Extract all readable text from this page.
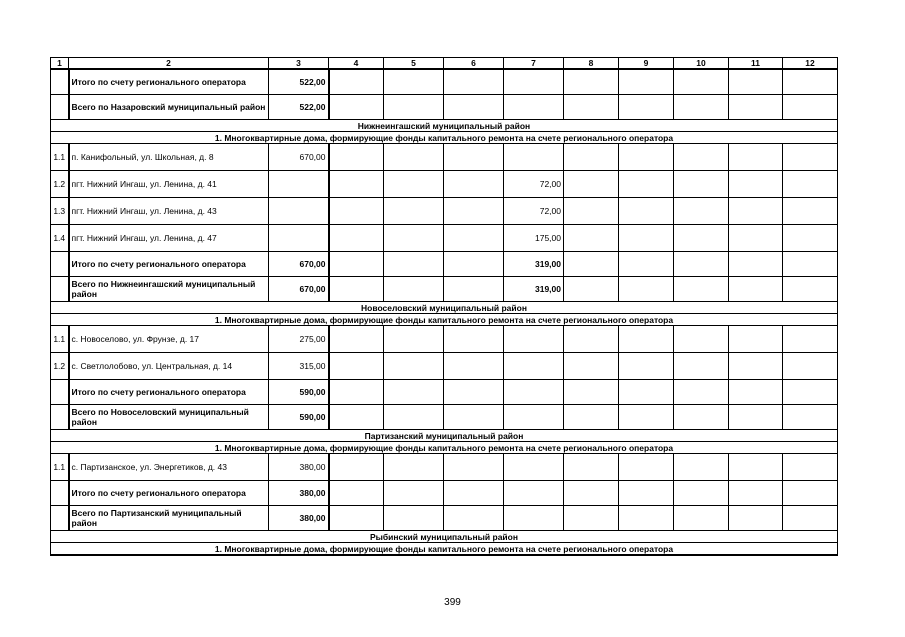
1	2	3	4	5	6	7	8	9	10	11	12
	Итого по счету регионального оператора	522,00									
	Всего по Назаровский муниципальный район	522,00									
Нижнеингашский муниципальный район											
1. Многоквартирные дома, формирующие фонды капитального ремонта на счете регионального оператора											
1.1	п. Канифольный, ул. Школьная, д. 8	670,00									
1.2	пгт. Нижний Ингаш, ул. Ленина, д. 41					72,00					
1.3	пгт. Нижний Ингаш, ул. Ленина, д. 43					72,00					
1.4	пгт. Нижний Ингаш, ул. Ленина, д. 47					175,00					
	Итого по счету регионального оператора	670,00				319,00					
	Всего по Нижнеингашский муниципальный район	670,00				319,00					
Новоселовский муниципальный район											
1. Многоквартирные дома, формирующие фонды капитального ремонта на счете регионального оператора											
1.1	с. Новоселово, ул. Фрунзе, д. 17	275,00									
1.2	с. Светлолобово, ул. Центральная, д. 14	315,00									
	Итого по счету регионального оператора	590,00									
	Всего по Новоселовский муниципальный район	590,00									
Партизанский муниципальный район											
1. Многоквартирные дома, формирующие фонды капитального ремонта на счете регионального оператора											
1.1	с. Партизанское, ул. Энергетиков, д. 43	380,00									
	Итого по счету регионального оператора	380,00									
	Всего по Партизанский муниципальный район	380,00									
Рыбинский муниципальный район											
1. Многоквартирные дома, формирующие фонды капитального ремонта на счете регионального оператора											
399
